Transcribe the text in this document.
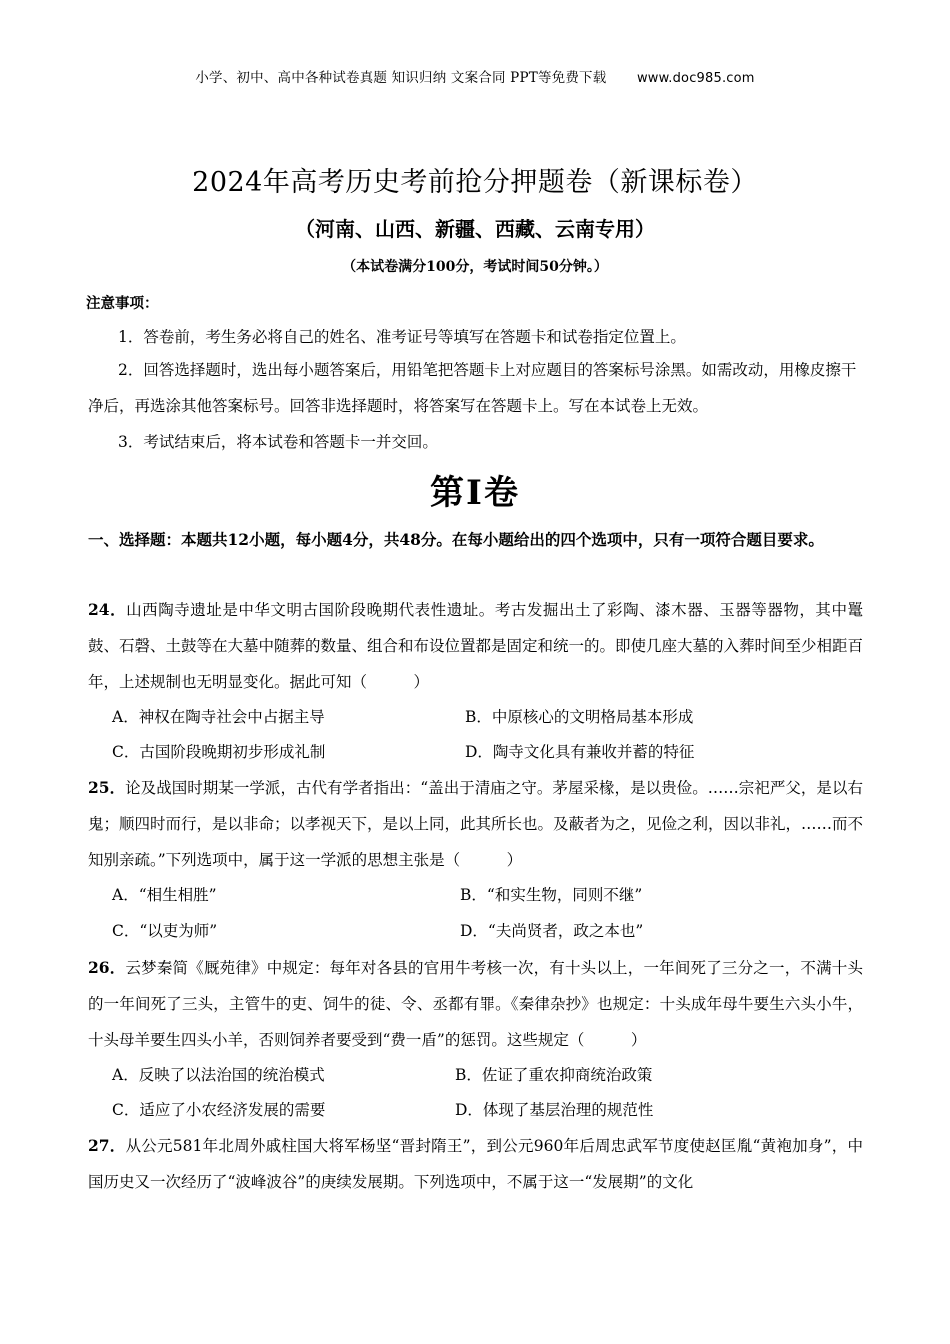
小学、初中、高中各种试卷真题 知识归纳 文案合同 PPT等免费下载 www.doc985.com
2024年高考历史考前抢分押题卷（新课标卷）
（河南、山西、新疆、西藏、云南专用）
（本试卷满分100分，考试时间50分钟。）
注意事项：
1．答卷前，考生务必将自己的姓名、准考证号等填写在答题卡和试卷指定位置上。
2．回答选择题时，选出每小题答案后，用铅笔把答题卡上对应题目的答案标号涂黑。如需改动，用橡皮擦干净后，再选涂其他答案标号。回答非选择题时，将答案写在答题卡上。写在本试卷上无效。
3．考试结束后，将本试卷和答题卡一并交回。
第Ⅰ卷
一、选择题：本题共12小题，每小题4分，共48分。在每小题给出的四个选项中，只有一项符合题目要求。
24．山西陶寺遗址是中华文明古国阶段晚期代表性遗址。考古发掘出土了彩陶、漆木器、玉器等器物，其中鼍鼓、石磬、土鼓等在大墓中随葬的数量、组合和布设位置都是固定和统一的。即使几座大墓的入葬时间至少相距百年，上述规制也无明显变化。据此可知（　　　）
A．神权在陶寺社会中占据主导	B．中原核心的文明格局基本形成
C．古国阶段晚期初步形成礼制	D．陶寺文化具有兼收并蓄的特征
25．论及战国时期某一学派，古代有学者指出：“盖出于清庙之守。茅屋采椽，是以贵俭。……宗祀严父，是以右鬼；顺四时而行，是以非命；以孝视天下，是以上同，此其所长也。及蔽者为之，见俭之利，因以非礼，……而不知别亲疏。”下列选项中，属于这一学派的思想主张是（　　　）
A．“相生相胜”	B．“和实生物，同则不继”
C．“以吏为师”	D．“夫尚贤者，政之本也”
26．云梦秦简《厩苑律》中规定：每年对各县的官用牛考核一次，有十头以上，一年间死了三分之一，不满十头的一年间死了三头，主管牛的吏、饲牛的徒、令、丞都有罪。《秦律杂抄》也规定：十头成年母牛要生六头小牛，十头母羊要生四头小羊，否则饲养者要受到“费一盾”的惩罚。这些规定（　　　）
A．反映了以法治国的统治模式	B．佐证了重农抑商统治政策
C．适应了小农经济发展的需要	D．体现了基层治理的规范性
27．从公元581年北周外戚柱国大将军杨坚“晋封隋王”，到公元960年后周忠武军节度使赵匡胤“黄袍加身”，中国历史又一次经历了“波峰波谷”的庚续发展期。下列选项中，不属于这一“发展期”的文化
